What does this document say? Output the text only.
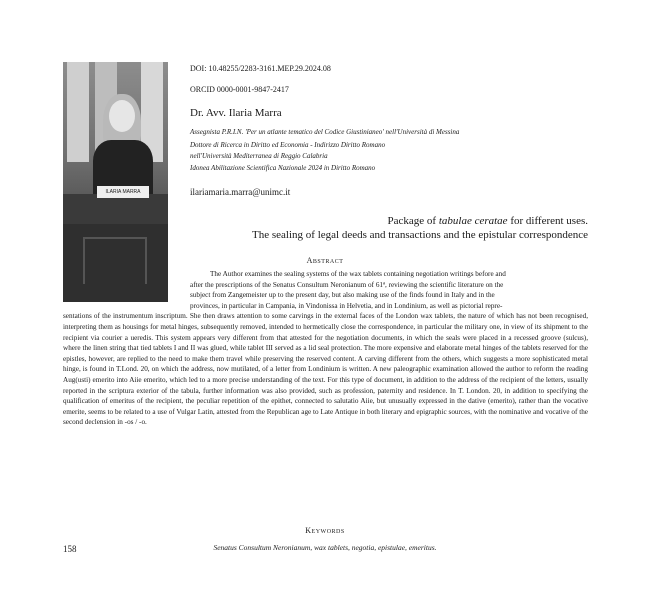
ILARIA MARRA
DOI: 10.48255/2283-3161.MEP.29.2024.08
ORCID 0000-0001-9847-2417
Dr. Avv. Ilaria Marra
Assegnista P.R.I.N. 'Per un atlante tematico del Codice Giustinianeo' nell'Università di Messina
Dottore di Ricerca in Diritto ed Economia - Indirizzo Diritto Romano
nell'Università Mediterranea di Reggio Calabria
Idonea Abilitazione Scientifica Nazionale 2024 in Diritto Romano
ilariamaria.marra@unimc.it
Package of tabulae ceratae for different uses.
The sealing of legal deeds and transactions and the epistular correspondence
Abstract
The Author examines the sealing systems of the wax tablets containing negotiation writings before and
after the prescriptions of the Senatus Consultum Neronianum of 61ª, reviewing the scientific literature on the
subject from Zangemeister up to the present day, but also making use of the finds found in Italy and in the
provinces, in particular in Campania, in Vindonissa in Helvetia, and in Londinium, as well as pictorial repre-
sentations of the instrumentum inscriptum. She then draws attention to some carvings in the external faces of the London wax tablets, the nature of which has not been recognised, interpreting them as housings for metal hinges, subsequently removed, intended to hermetically close the correspondence, in particular the military one, in view of its shipment to the recipient via courier a ueredis. This system appears very different from that attested for the negotiation documents, in which the seals were placed in a recessed groove (sulcus), where the linen string that tied tablets I and II was glued, while tablet III served as a lid seal protection. The more expensive and elaborate metal hinges of the tablets reserved for the epistles, however, are replied to the need to make them travel while preserving the reserved content. A carving different from the others, which suggests a more sophisticated metal hinge, is found in T.Lond. 20, on which the address, now mutilated, of a letter from Londinium is written. A new paleographic examination allowed the author to reform the reading Aug(usti) emerito into Aiie emerito, which led to a more precise understanding of the text. For this type of document, in addition to the address of the recipient of the letters, usually reported in the scriptura exterior of the tabula, further information was also provided, such as profession, paternity and residence. In T. London. 20, in addition to specifying the qualification of emeritus of the recipient, the peculiar repetition of the epithet, connected to salutatio Aiie, but unusually expressed in the dative (emerito), rather than the vocative emerite, seems to be related to a use of Vulgar Latin, attested from the Republican age to Late Antique in both literary and epigraphic sources, with the nominative and vocative of the second declension in -os / -o.
Keywords
Senatus Consultum Neronianum, wax tablets, negotia, epistulae, emeritus.
158
